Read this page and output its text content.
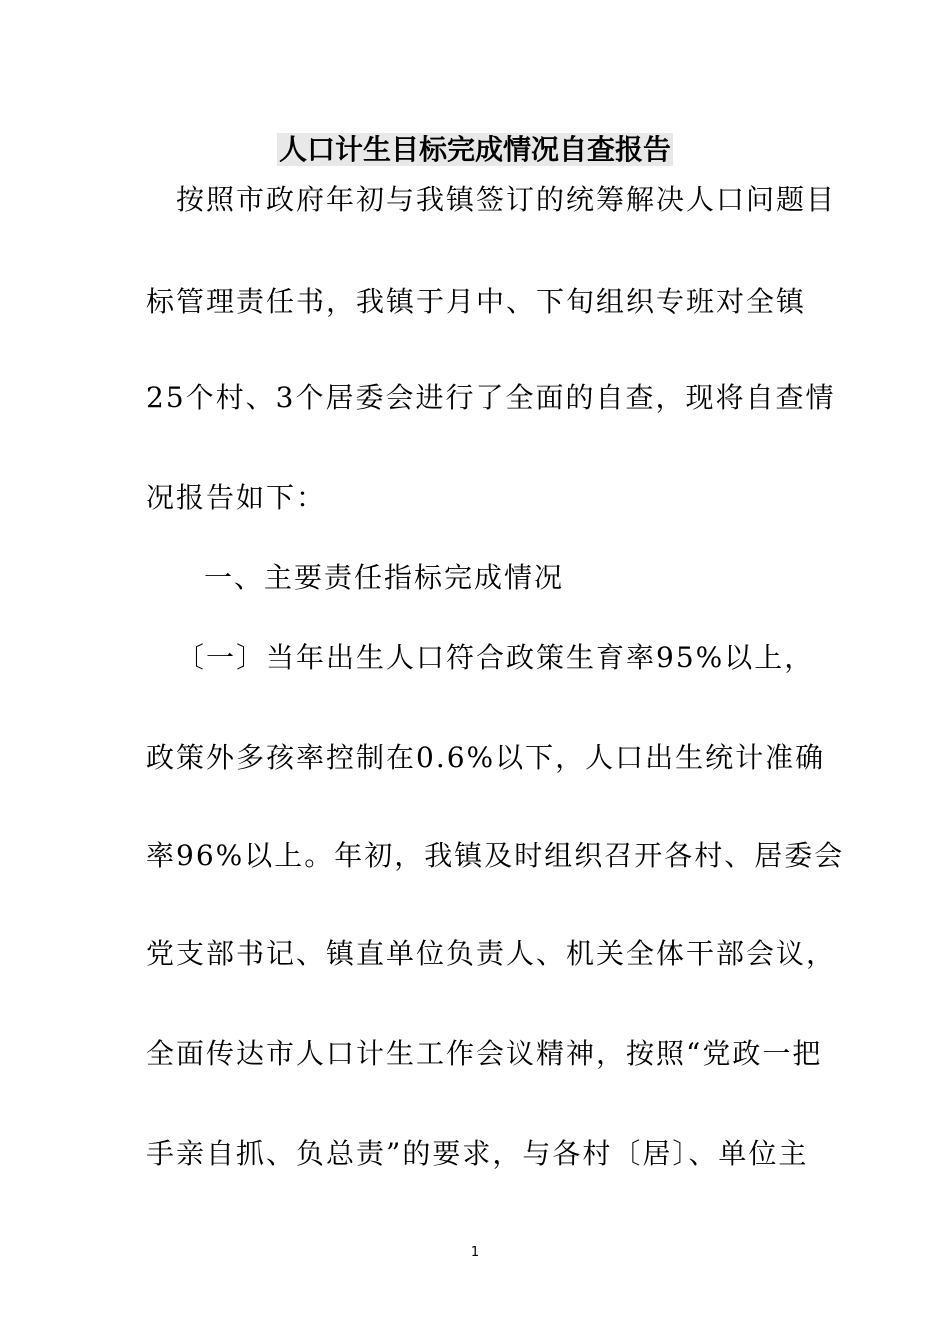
人口计生目标完成情况自查报告
按照市政府年初与我镇签订的统筹解决人口问题目
标管理责任书，我镇于月中、下旬组织专班对全镇
25个村、3个居委会进行了全面的自查，现将自查情
况报告如下：
一、主要责任指标完成情况
〔一〕当年出生人口符合政策生育率95%以上，
政策外多孩率控制在0.6%以下，人口出生统计准确
率96%以上。年初，我镇及时组织召开各村、居委会
党支部书记、镇直单位负责人、机关全体干部会议，
全面传达市人口计生工作会议精神，按照“党政一把
手亲自抓、负总责”的要求，与各村〔居〕、单位主
1
